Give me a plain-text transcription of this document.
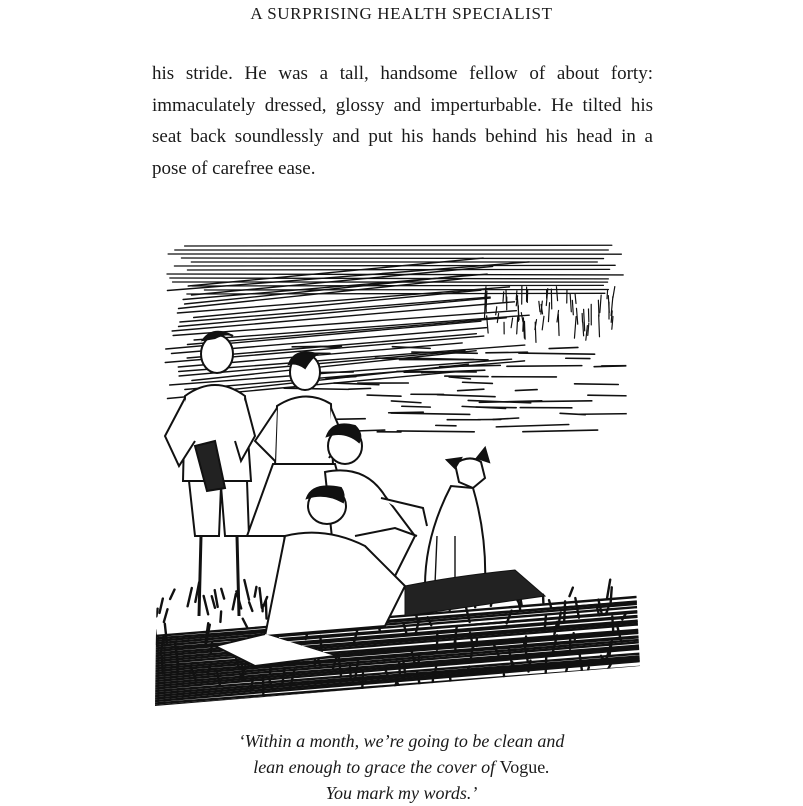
A SURPRISING HEALTH SPECIALIST

his stride. He was a tall, handsome fellow of about forty:
immaculately dressed, glossy and imperturbable. He tilted his
seat back soundlessly and put his hands behind his head in a
pose of carefree ease.

‘Within a month, we’re going to be clean and
lean enough to grace the cover of Vogue.
You mark my words.’
